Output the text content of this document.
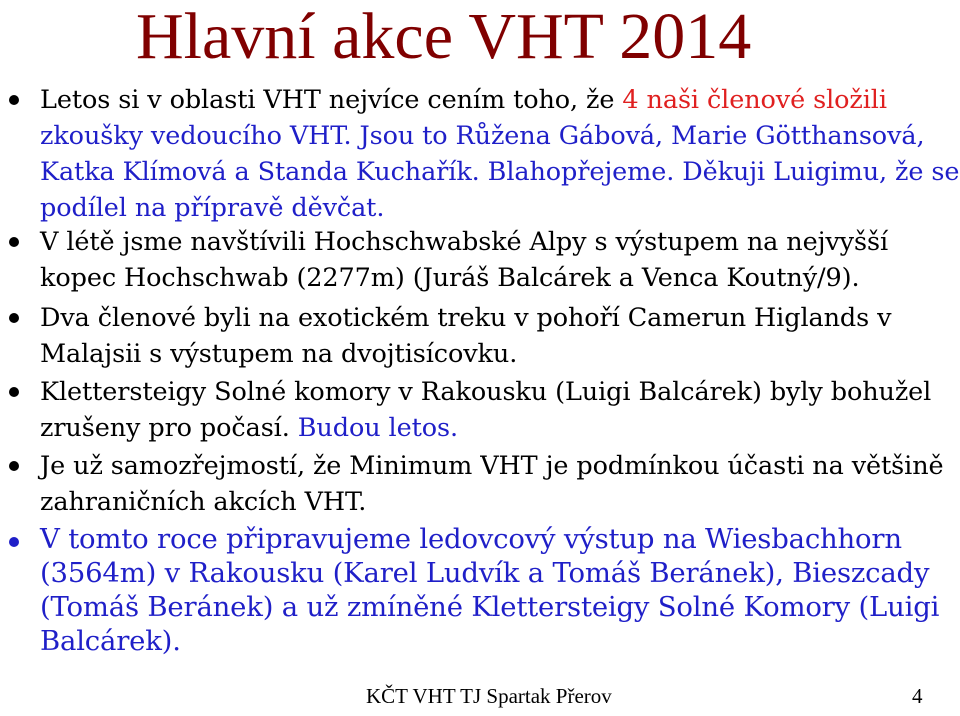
Hlavní akce VHT 2014
Letos si v oblasti VHT nejvíce cením toho, že 4 naši členové složili zkoušky vedoucího VHT. Jsou to Růžena Gábová, Marie Götthansová, Katka Klímová a Standa Kuchařík. Blahopřejeme. Děkuji Luigimu, že se podílel na přípravě děvčat.
V létě jsme navštívili Hochschwabské Alpy s výstupem na nejvyšší kopec Hochschwab (2277m) (Juráš Balcárek a Venca Koutný/9).
Dva členové byli na exotickém treku v pohoří Camerun Higlands v Malajsii s výstupem na dvojtisícovku.
Klettersteigy Solné komory v Rakousku (Luigi Balcárek) byly bohužel zrušeny pro počasí. Budou letos.
Je už samozřejmostí, že Minimum VHT je podmínkou účasti na většině zahraničních akcích VHT.
V tomto roce připravujeme ledovcový výstup na Wiesbachhorn (3564m) v Rakousku (Karel Ludvík a Tomáš Beránek), Bieszcady (Tomáš Beránek) a už zmíněné Klettersteigy Solné Komory (Luigi Balcárek).
KČT VHT TJ Spartak Přerov	4
